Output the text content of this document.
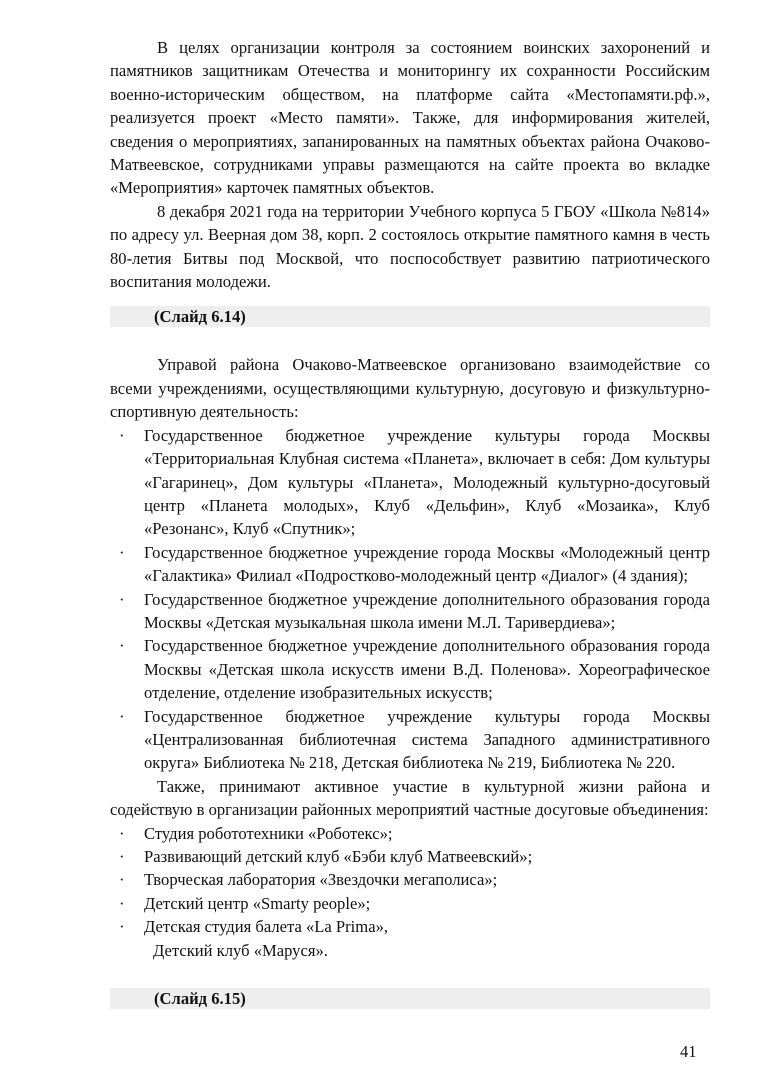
В целях организации контроля за состоянием воинских захоронений и памятников защитникам Отечества и мониторингу их сохранности Российским военно-историческим обществом, на платформе сайта «Местопамяти.рф.», реализуется проект «Место памяти». Также, для информирования жителей, сведения о мероприятиях, запанированных на памятных объектах района Очаково-Матвеевское, сотрудниками управы размещаются на сайте проекта во вкладке «Мероприятия» карточек памятных объектов.

8 декабря 2021 года на территории Учебного корпуса 5 ГБОУ «Школа №814» по адресу ул. Веерная дом 38, корп. 2 состоялось открытие памятного камня в честь 80-летия Битвы под Москвой, что поспособствует развитию патриотического воспитания молодежи.

(Слайд 6.14)

Управой района Очаково-Матвеевское организовано взаимодействие со всеми учреждениями, осуществляющими культурную, досуговую и физкультурно-спортивную деятельность:

· Государственное бюджетное учреждение культуры города Москвы «Территориальная Клубная система «Планета», включает в себя: Дом культуры «Гагаринец», Дом культуры «Планета», Молодежный культурно-досуговый центр «Планета молодых», Клуб «Дельфин», Клуб «Мозаика», Клуб «Резонанс», Клуб «Спутник»;
· Государственное бюджетное учреждение города Москвы «Молодежный центр «Галактика» Филиал «Подростково-молодежный центр «Диалог» (4 здания);
· Государственное бюджетное учреждение дополнительного образования города Москвы «Детская музыкальная школа имени М.Л. Таривердиева»;
· Государственное бюджетное учреждение дополнительного образования города Москвы «Детская школа искусств имени В.Д. Поленова». Хореографическое отделение, отделение изобразительных искусств;
· Государственное бюджетное учреждение культуры города Москвы «Централизованная библиотечная система Западного административного округа» Библиотека № 218, Детская библиотека № 219, Библиотека № 220.

Также, принимают активное участие в культурной жизни района и содействую в организации районных мероприятий частные досуговые объединения:

· Студия робототехники «Роботекс»;
· Развивающий детский клуб «Бэби клуб Матвеевский»;
· Творческая лаборатория «Звездочки мегаполиса»;
· Детский центр «Smarty people»;
· Детская студия балета «La Prima»,

Детский клуб «Маруся».

(Слайд 6.15)
41
